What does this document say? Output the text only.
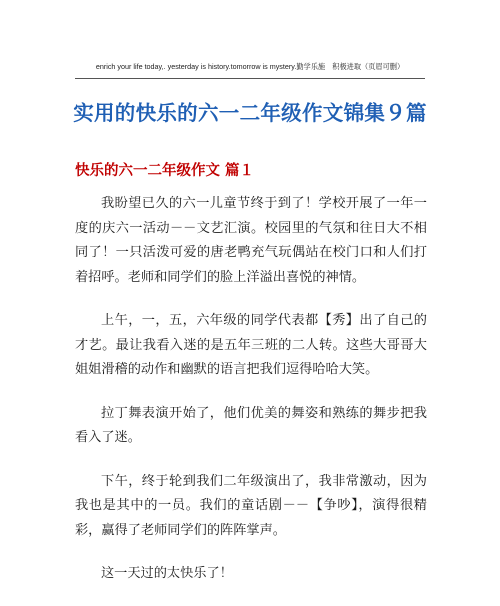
enrich your life today,. yesterday is history.tomorrow is mystery.勤学乐施　积极进取（页眉可删）
实用的快乐的六一二年级作文锦集９篇
快乐的六一二年级作文 篇１

我盼望已久的六一儿童节终于到了！学校开展了一年一度的庆六一活动－－文艺汇演。校园里的气氛和往日大不相同了！一只活泼可爱的唐老鸭充气玩偶站在校门口和人们打着招呼。老师和同学们的脸上洋溢出喜悦的神情。

上午，一，五，六年级的同学代表都【秀】出了自己的才艺。最让我看入迷的是五年三班的二人转。这些大哥哥大姐姐滑稽的动作和幽默的语言把我们逗得哈哈大笑。

拉丁舞表演开始了，他们优美的舞姿和熟练的舞步把我看入了迷。

下午，终于轮到我们二年级演出了，我非常激动，因为我也是其中的一员。我们的童话剧－－【争吵】，演得很精彩，赢得了老师同学们的阵阵掌声。

这一天过的太快乐了！
